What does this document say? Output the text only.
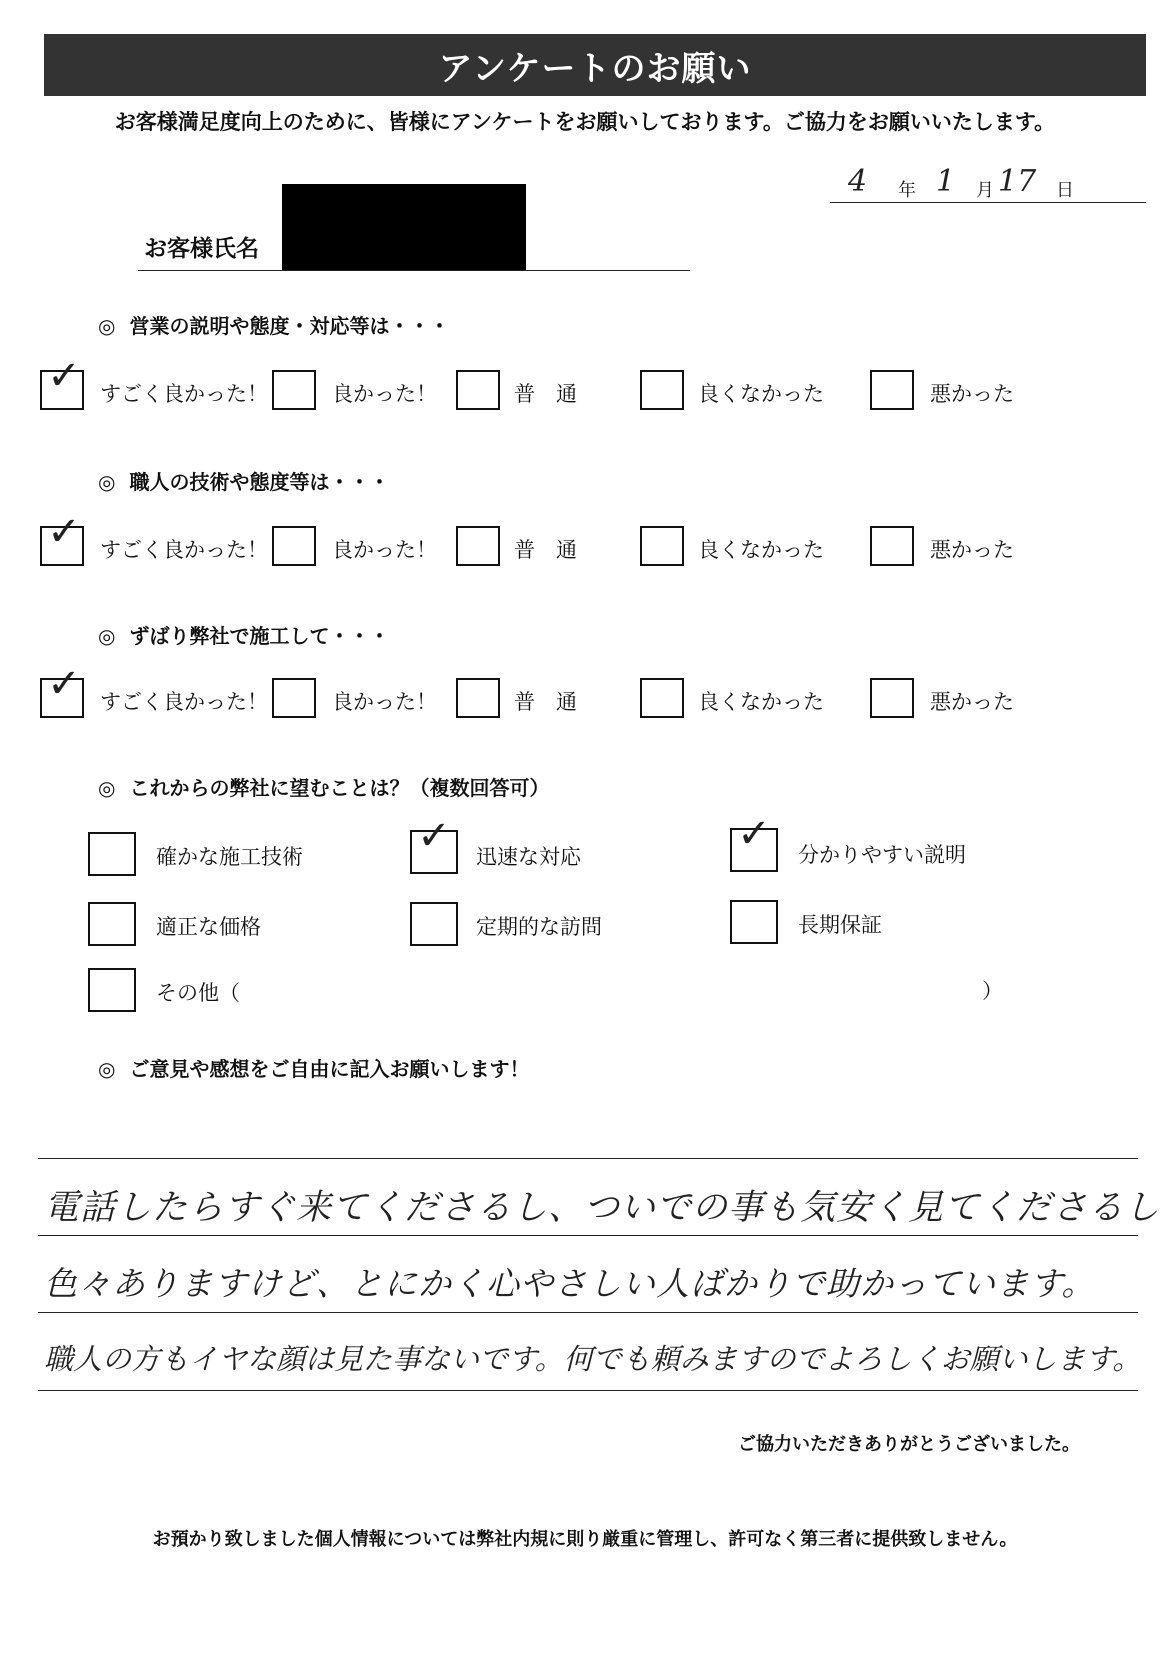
アンケートのお願い
お客様満足度向上のために、皆様にアンケートをお願いしております。ご協力をお願いいたします。
4 年 1 月 17 日
お客様氏名
◎ 営業の説明や態度・対応等は・・・
✓ すごく良かった！	良かった！	普　通	良くなかった	悪かった
◎ 職人の技術や態度等は・・・
✓ すごく良かった！	良かった！	普　通	良くなかった	悪かった
◎ ずばり弊社で施工して・・・
✓ すごく良かった！	良かった！	普　通	良くなかった	悪かった
◎ これからの弊社に望むことは？（複数回答可）
確かな施工技術	✓ 迅速な対応	✓ 分かりやすい説明
適正な価格	定期的な訪問	長期保証
その他（	）
◎ ご意見や感想をご自由に記入お願いします！
電話したらすぐ来てくださるし、ついでの事も気安く見てくださるし
色々ありますけど、とにかく心やさしい人ばかりで助かっています。
職人の方もイヤな顔は見た事ないです。何でも頼みますのでよろしくお願いします。
ご協力いただきありがとうございました。
お預かり致しました個人情報については弊社内規に則り厳重に管理し、許可なく第三者に提供致しません。
